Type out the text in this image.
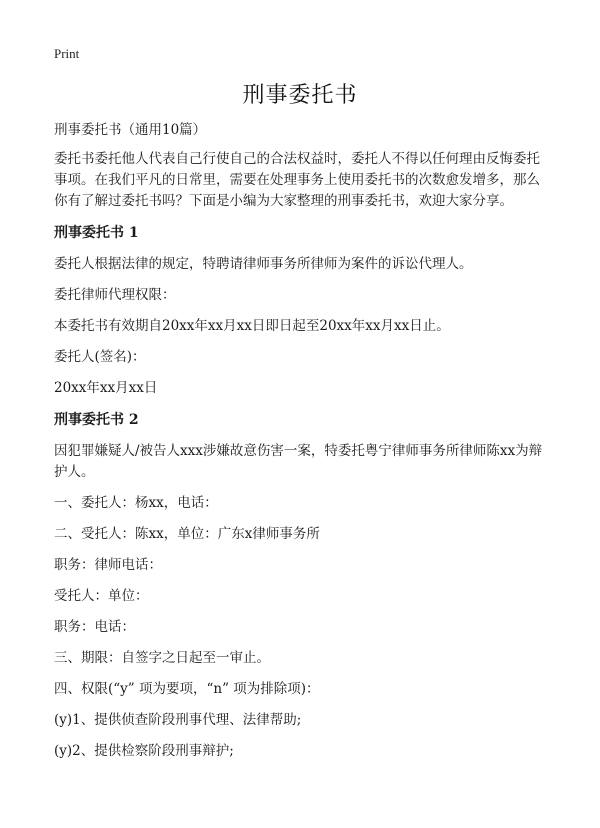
Print
刑事委托书
刑事委托书（通用10篇）
委托书委托他人代表自己行使自己的合法权益时，委托人不得以任何理由反悔委托事项。在我们平凡的日常里，需要在处理事务上使用委托书的次数愈发增多，那么你有了解过委托书吗？下面是小编为大家整理的刑事委托书，欢迎大家分享。
刑事委托书 1
委托人根据法律的规定，特聘请律师事务所律师为案件的诉讼代理人。
委托律师代理权限：
本委托书有效期自20xx年xx月xx日即日起至20xx年xx月xx日止。
委托人(签名)：
20xx年xx月xx日
刑事委托书 2
因犯罪嫌疑人/被告人xxx涉嫌故意伤害一案，特委托粤宁律师事务所律师陈xx为辩护人。
一、委托人：杨xx，电话：
二、受托人：陈xx，单位：广东x律师事务所
职务：律师电话：
受托人：单位：
职务：电话：
三、期限：自签字之日起至一审止。
四、权限(“y” 项为要项，“n” 项为排除项)：
(y)1、提供侦查阶段刑事代理、法律帮助;
(y)2、提供检察阶段刑事辩护;
